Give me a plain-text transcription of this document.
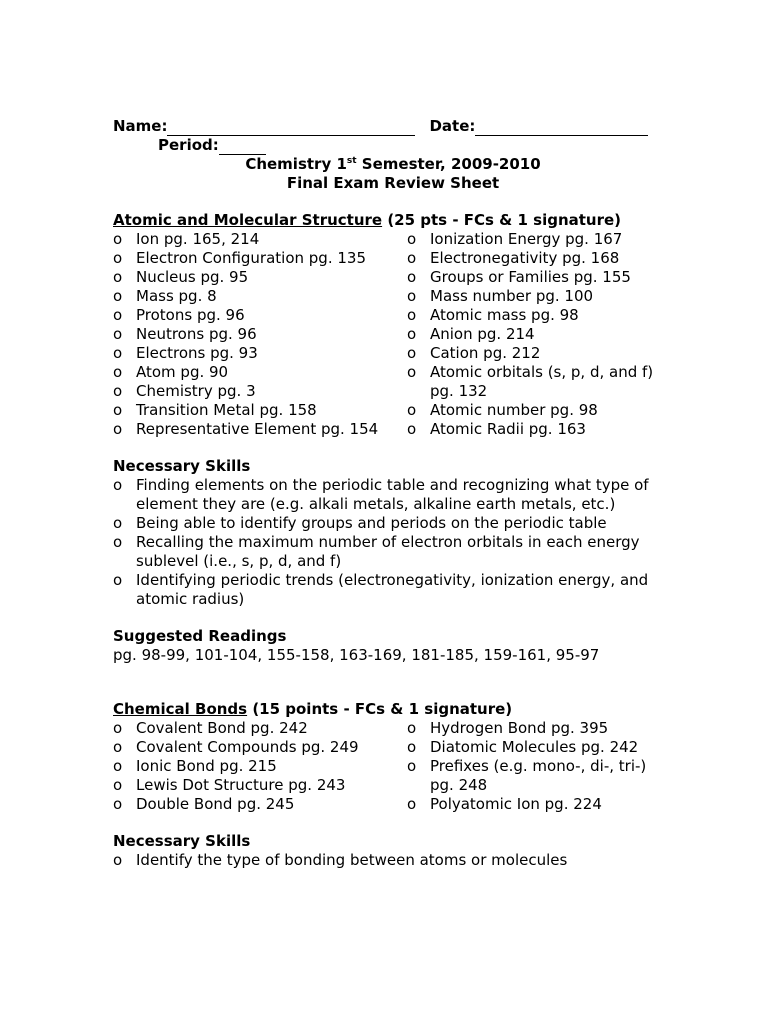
Name:	Date:
Period:
Chemistry 1st Semester, 2009-2010
Final Exam Review Sheet
Atomic and Molecular Structure (25 pts - FCs & 1 signature)
o Ion pg. 165, 214
o Electron Configuration pg. 135
o Nucleus pg. 95
o Mass pg. 8
o Protons pg. 96
o Neutrons pg. 96
o Electrons pg. 93
o Atom pg. 90
o Chemistry pg. 3
o Transition Metal pg. 158
o Representative Element pg. 154
o Ionization Energy pg. 167
o Electronegativity pg. 168
o Groups or Families pg. 155
o Mass number pg. 100
o Atomic mass pg. 98
o Anion pg. 214
o Cation pg. 212
o Atomic orbitals (s, p, d, and f) pg. 132
o Atomic number pg. 98
o Atomic Radii pg. 163
Necessary Skills
o Finding elements on the periodic table and recognizing what type of element they are (e.g. alkali metals, alkaline earth metals, etc.)
o Being able to identify groups and periods on the periodic table
o Recalling the maximum number of electron orbitals in each energy sublevel (i.e., s, p, d, and f)
o Identifying periodic trends (electronegativity, ionization energy, and atomic radius)
Suggested Readings
pg. 98-99, 101-104, 155-158, 163-169, 181-185, 159-161, 95-97
Chemical Bonds (15 points - FCs & 1 signature)
o Covalent Bond pg. 242
o Covalent Compounds pg. 249
o Ionic Bond pg. 215
o Lewis Dot Structure pg. 243
o Double Bond pg. 245
o Hydrogen Bond pg. 395
o Diatomic Molecules pg. 242
o Prefixes (e.g. mono-, di-, tri-) pg. 248
o Polyatomic Ion pg. 224
Necessary Skills
o Identify the type of bonding between atoms or molecules
